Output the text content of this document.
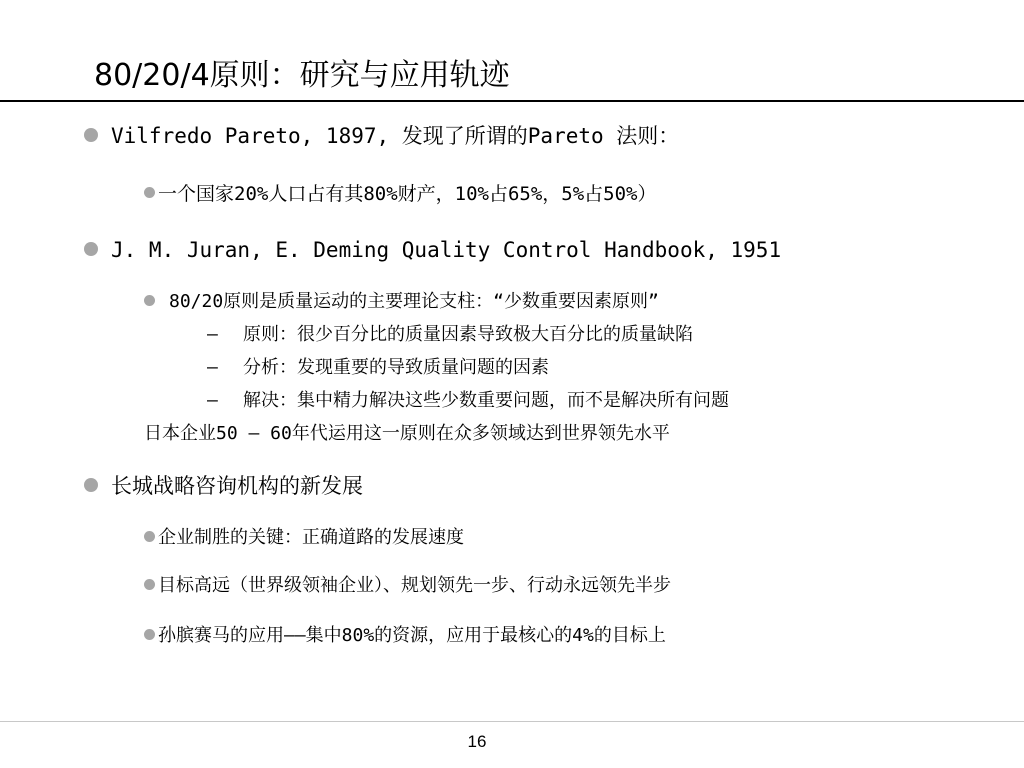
80/20/4原则：研究与应用轨迹
Vilfredo Pareto, 1897, 发现了所谓的Pareto 法则：
一个国家20%人口占有其80%财产，10%占65%，5%占50%）
J. M. Juran, E. Deming Quality Control Handbook, 1951
80/20原则是质量运动的主要理论支柱：“少数重要因素原则”
– 原则：很少百分比的质量因素导致极大百分比的质量缺陷
– 分析：发现重要的导致质量问题的因素
– 解决：集中精力解决这些少数重要问题，而不是解决所有问题
日本企业50 – 60年代运用这一原则在众多领域达到世界领先水平
长城战略咨询机构的新发展
企业制胜的关键：正确道路的发展速度
目标高远（世界级领袖企业）、规划领先一步、行动永远领先半步
孙膑赛马的应用——集中80%的资源，应用于最核心的4%的目标上
16
